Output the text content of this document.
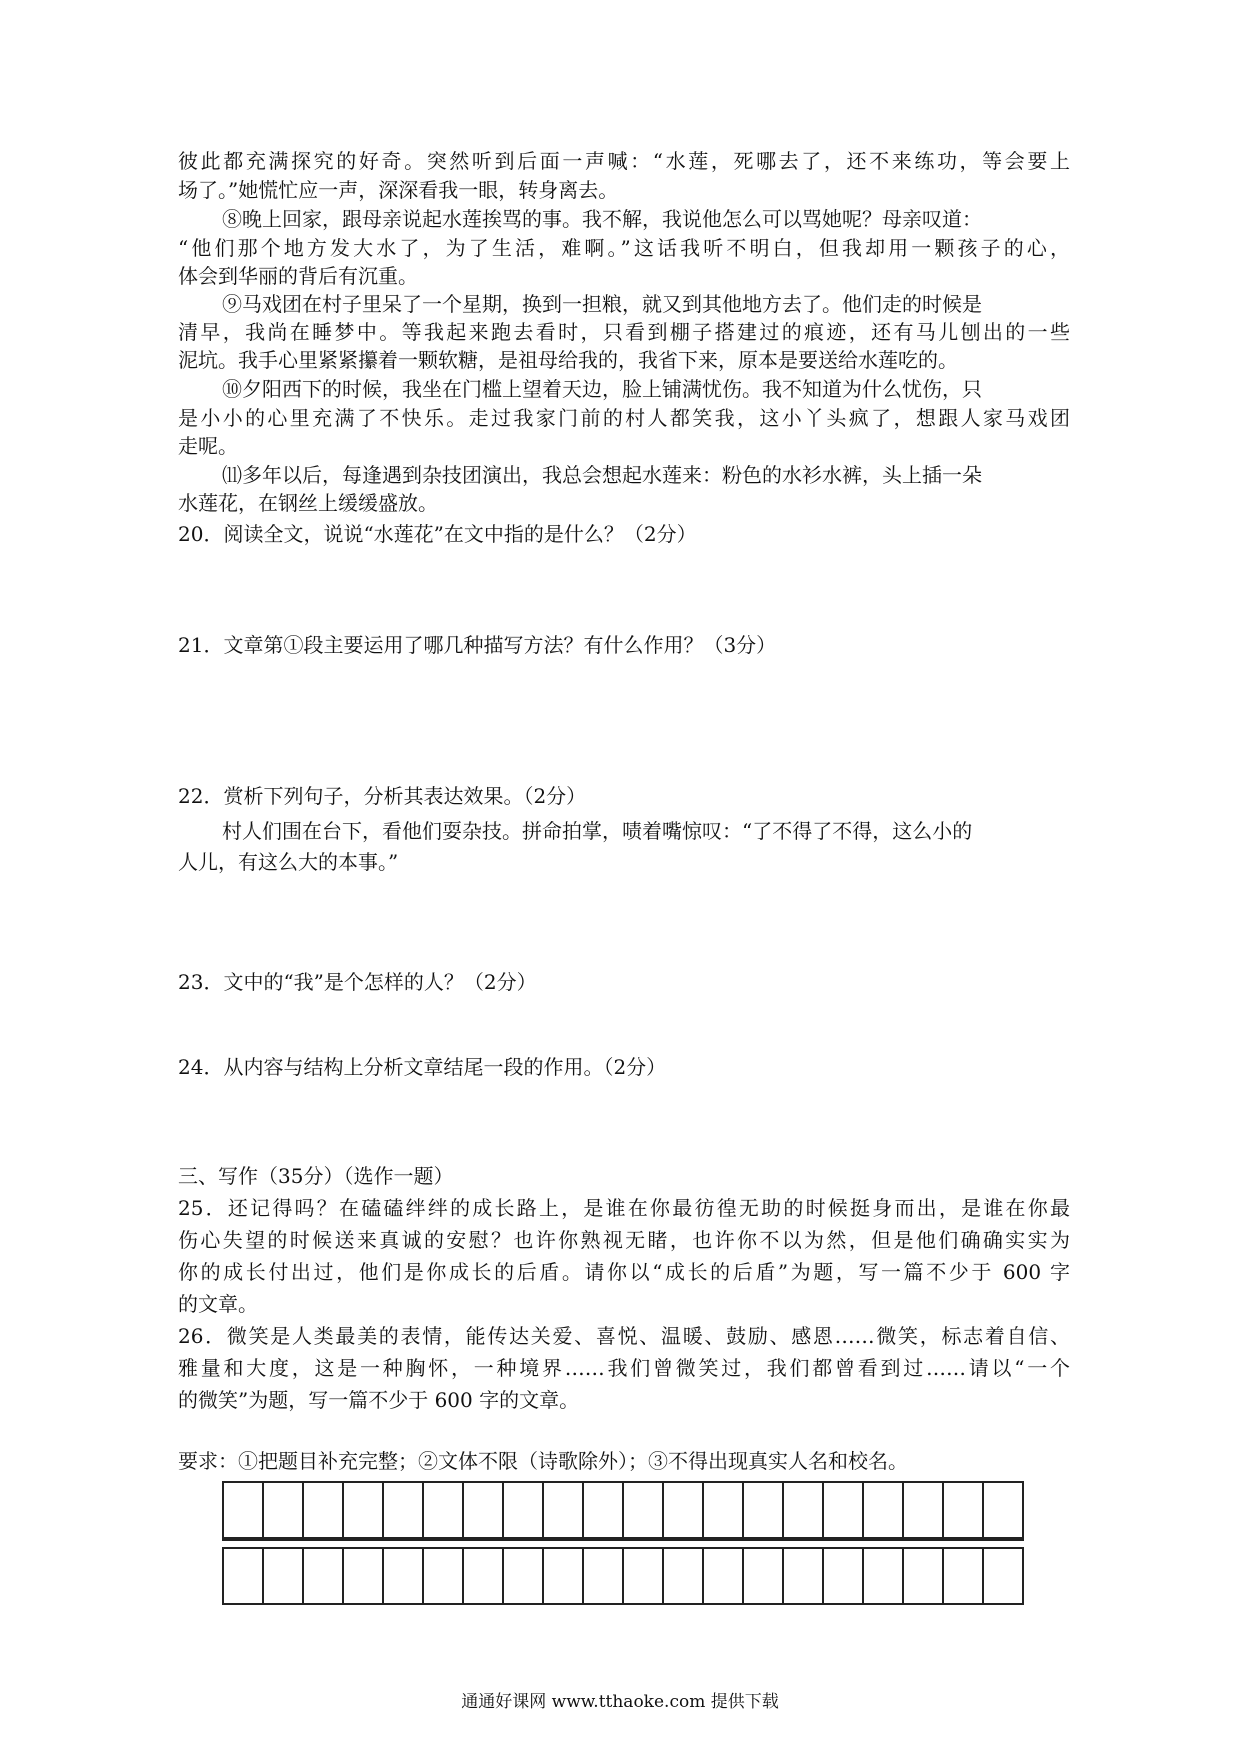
彼此都充满探究的好奇。突然听到后面一声喊：“水莲，死哪去了，还不来练功，等会要上
场了。”她慌忙应一声，深深看我一眼，转身离去。
⑧晚上回家，跟母亲说起水莲挨骂的事。我不解，我说他怎么可以骂她呢？母亲叹道：
“他们那个地方发大水了，为了生活，难啊。”这话我听不明白，但我却用一颗孩子的心，
体会到华丽的背后有沉重。
⑨马戏团在村子里呆了一个星期，换到一担粮，就又到其他地方去了。他们走的时候是
清早，我尚在睡梦中。等我起来跑去看时，只看到棚子搭建过的痕迹，还有马儿刨出的一些
泥坑。我手心里紧紧攥着一颗软糖，是祖母给我的，我省下来，原本是要送给水莲吃的。
⑩夕阳西下的时候，我坐在门槛上望着天边，脸上铺满忧伤。我不知道为什么忧伤，只
是小小的心里充满了不快乐。走过我家门前的村人都笑我，这小丫头疯了，想跟人家马戏团
走呢。
⑾多年以后，每逢遇到杂技团演出，我总会想起水莲来：粉色的水衫水裤，头上插一朵
水莲花，在钢丝上缓缓盛放。
20．阅读全文，说说“水莲花”在文中指的是什么？（2分）
21．文章第①段主要运用了哪几种描写方法？有什么作用？（3分）
22．赏析下列句子，分析其表达效果。（2分）
村人们围在台下，看他们耍杂技。拼命拍掌，啧着嘴惊叹：“了不得了不得，这么小的
人儿，有这么大的本事。”
23．文中的“我”是个怎样的人？（2分）
24．从内容与结构上分析文章结尾一段的作用。（2分）
三、写作（35分）（选作一题）
25．还记得吗？在磕磕绊绊的成长路上，是谁在你最彷徨无助的时候挺身而出，是谁在你最
伤心失望的时候送来真诚的安慰？也许你熟视无睹，也许你不以为然，但是他们确确实实为
你的成长付出过，他们是你成长的后盾。请你以“成长的后盾”为题，写一篇不少于 600 字
的文章。
26．微笑是人类最美的表情，能传达关爱、喜悦、温暖、鼓励、感恩……微笑，标志着自信、
雅量和大度，这是一种胸怀，一种境界……我们曾微笑过，我们都曾看到过……请以“一个
的微笑”为题，写一篇不少于 600 字的文章。
要求：①把题目补充完整；②文体不限（诗歌除外）；③不得出现真实人名和校名。
通通好课网 www.tthaoke.com 提供下载
